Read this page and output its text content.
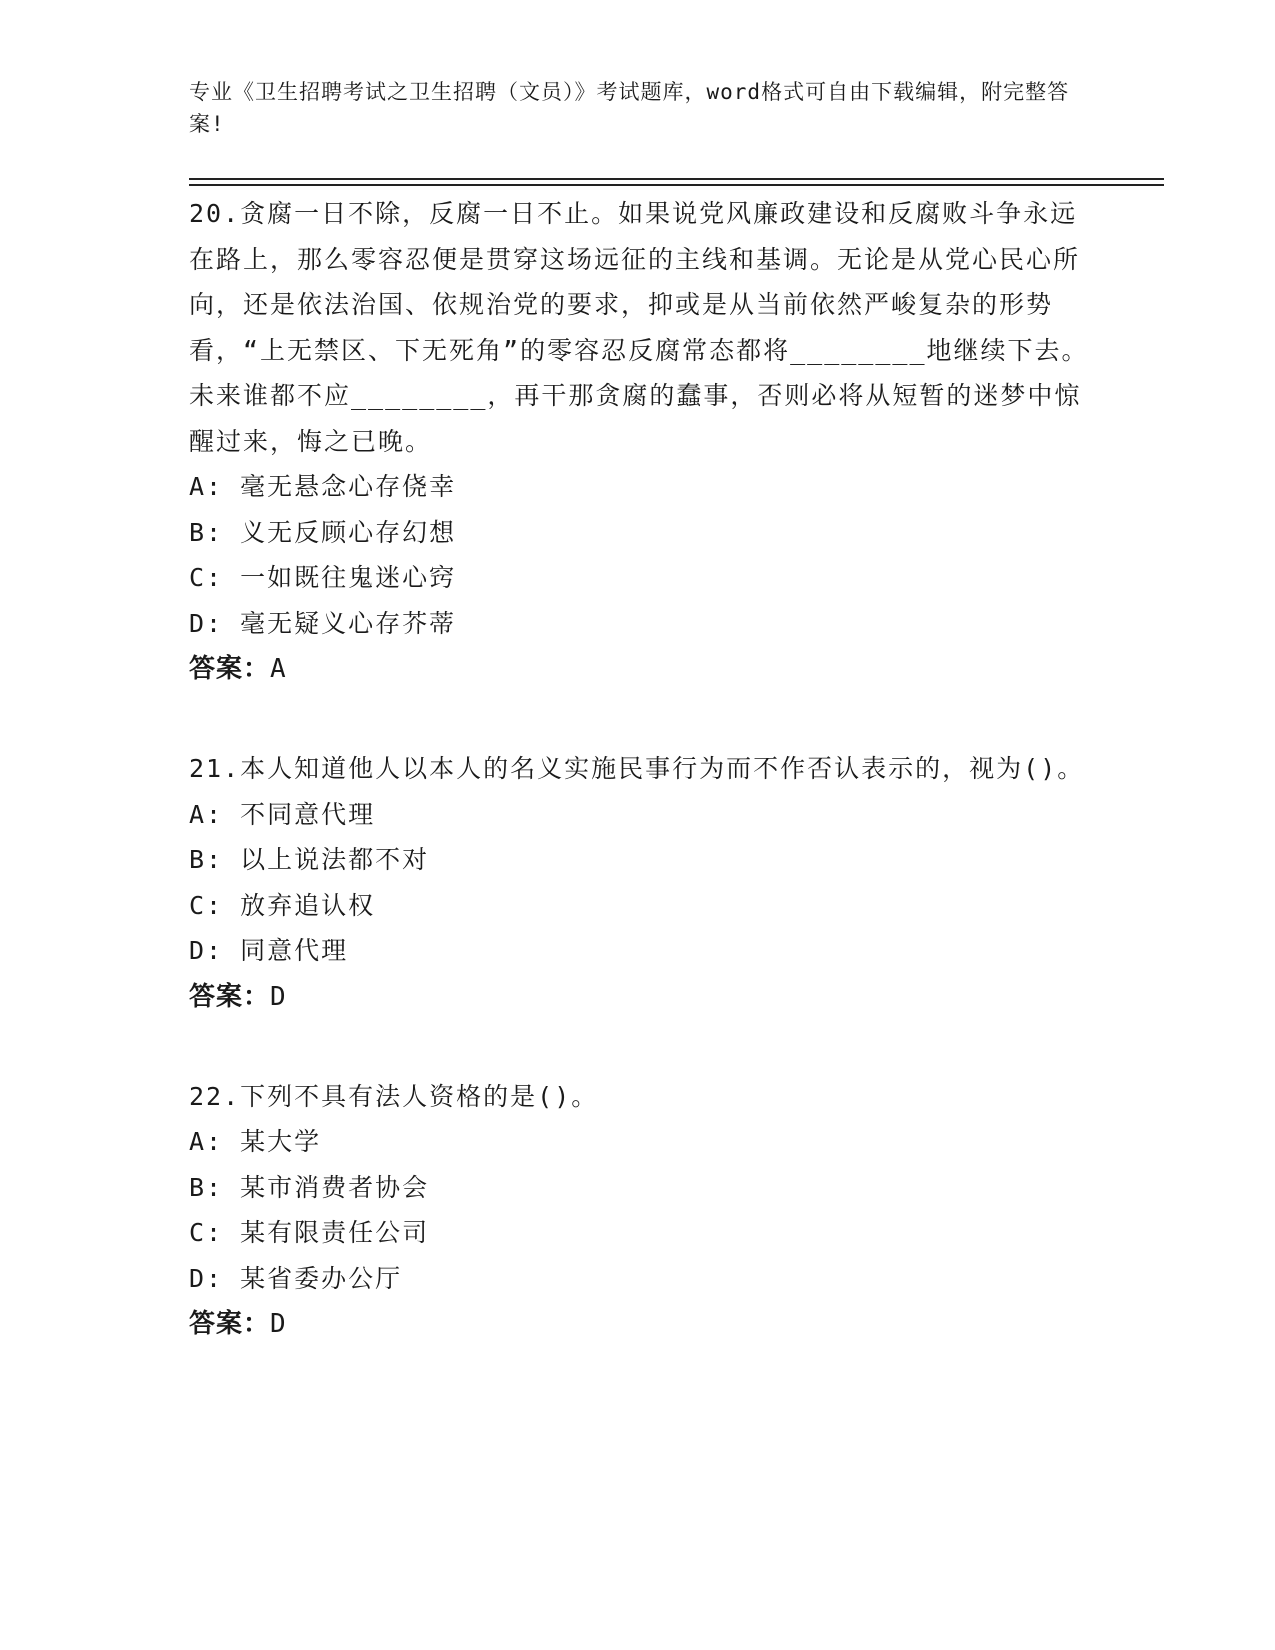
专业《卫生招聘考试之卫生招聘（文员）》考试题库，word格式可自由下载编辑，附完整答案!
20.贪腐一日不除，反腐一日不止。如果说党风廉政建设和反腐败斗争永远在路上，那么零容忍便是贯穿这场远征的主线和基调。无论是从党心民心所向，还是依法治国、依规治党的要求，抑或是从当前依然严峻复杂的形势看，“上无禁区、下无死角”的零容忍反腐常态都将________地继续下去。未来谁都不应________，再干那贪腐的蠢事，否则必将从短暂的迷梦中惊醒过来，悔之已晚。
A: 毫无悬念心存侥幸
B: 义无反顾心存幻想
C: 一如既往鬼迷心窍
D: 毫无疑义心存芥蒂
答案：A
21.本人知道他人以本人的名义实施民事行为而不作否认表示的，视为()。
A: 不同意代理
B: 以上说法都不对
C: 放弃追认权
D: 同意代理
答案：D
22.下列不具有法人资格的是()。
A: 某大学
B: 某市消费者协会
C: 某有限责任公司
D: 某省委办公厅
答案：D
